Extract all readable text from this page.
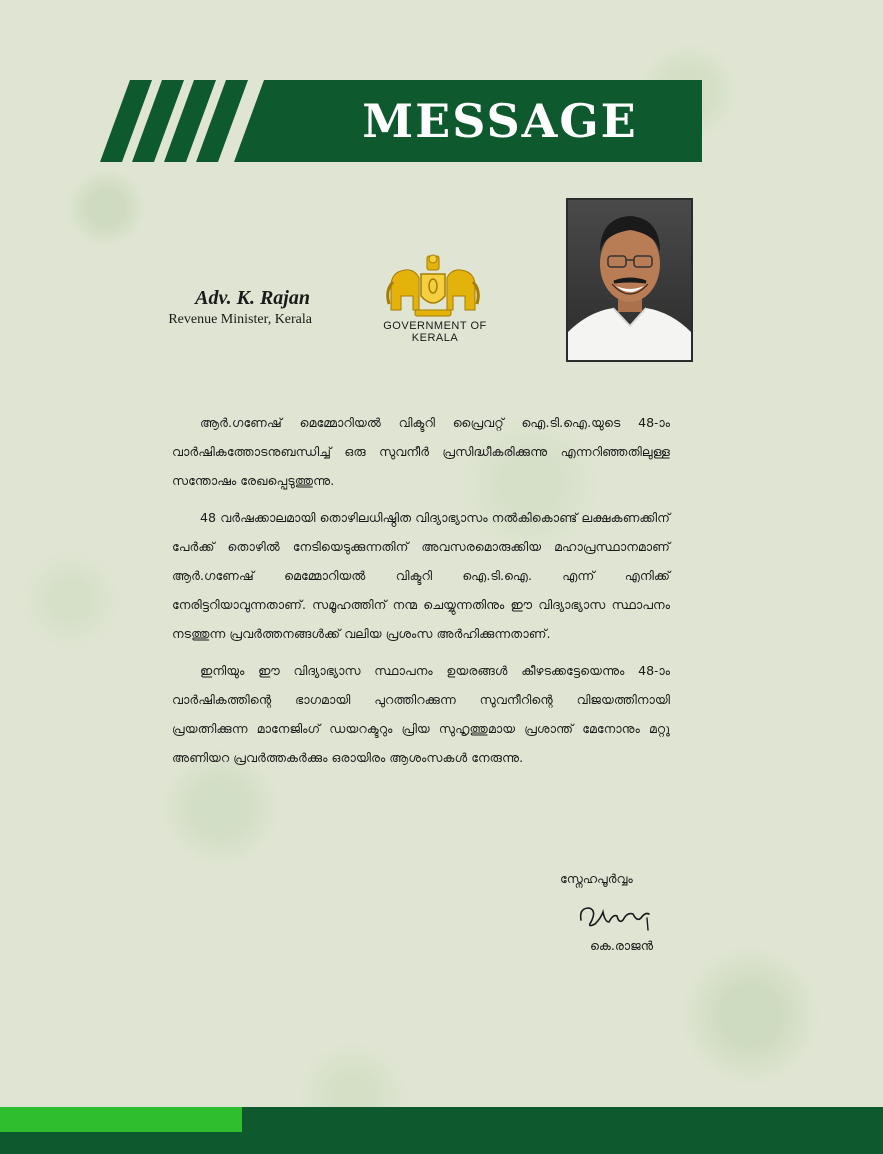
MESSAGE
Adv. K. Rajan
Revenue Minister, Kerala	GOVERNMENT OF KERALA

ആർ.ഗണേഷ് മെമ്മോറിയൽ വിക്ടറി പ്രൈവറ്റ് ഐ.ടി.ഐ.യുടെ 48-ാം വാർഷികത്തോടനുബന്ധിച്ച് ഒരു സുവനീർ പ്രസിദ്ധീകരിക്കുന്നു എന്നറിഞ്ഞതിലുള്ള സന്തോഷം രേഖപ്പെടുത്തുന്നു.

48 വർഷക്കാലമായി തൊഴിലധിഷ്ഠിത വിദ്യാഭ്യാസം നൽകികൊണ്ട് ലക്ഷകണക്കിന് പേർക്ക് തൊഴിൽ നേടിയെടുക്കുന്നതിന് അവസരമൊരുക്കിയ മഹാപ്രസ്ഥാനമാണ് ആർ.ഗണേഷ് മെമ്മോറിയൽ വിക്ടറി ഐ.ടി.ഐ. എന്ന് എനിക്ക് നേരിട്ടറിയാവുന്നതാണ്. സമൂഹത്തിന് നന്മ ചെയ്യുന്നതിനും ഈ വിദ്യാഭ്യാസ സ്ഥാപനം നടത്തുന്ന പ്രവർത്തനങ്ങൾക്ക് വലിയ പ്രശംസ അർഹിക്കുന്നതാണ്.

ഇനിയും ഈ വിദ്യാഭ്യാസ സ്ഥാപനം ഉയരങ്ങൾ കീഴടക്കട്ടേയെന്നും 48-ാം വാർഷികത്തിന്റെ ഭാഗമായി പുറത്തിറക്കുന്ന സുവനീറിന്റെ വിജയത്തിനായി പ്രയത്നിക്കുന്ന മാനേജിംഗ് ഡയറക്ടറും പ്രിയ സുഹൃത്തുമായ പ്രശാന്ത് മേനോനും മറ്റു അണിയറ പ്രവർത്തകർക്കും ഒരായിരം ആശംസകൾ നേരുന്നു.

സ്നേഹപൂർവ്വം
കെ.രാജൻ
